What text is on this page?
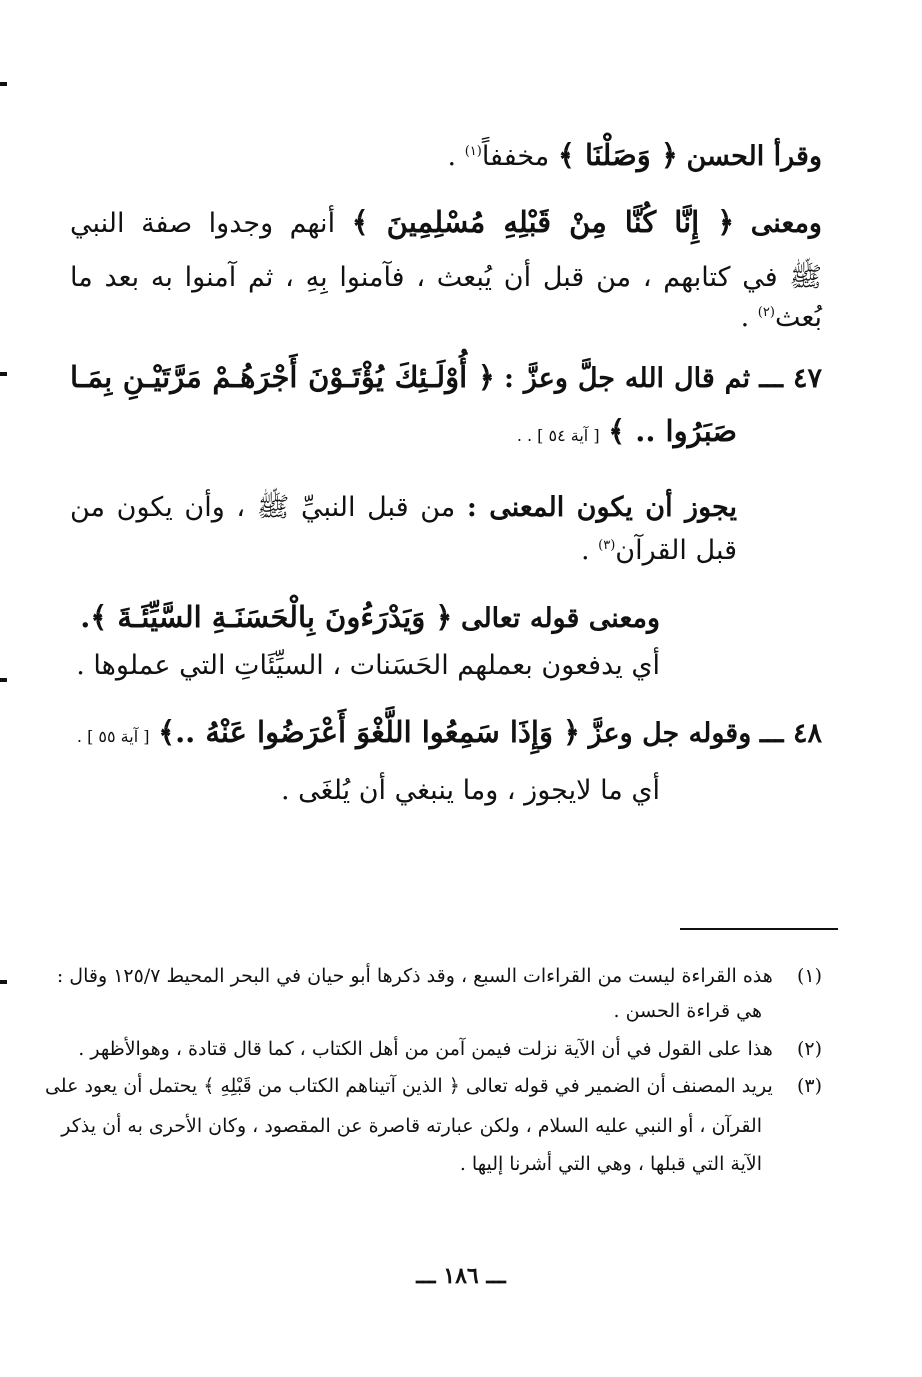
وقرأ الحسن ﴿ وَصَلْنَا ﴾ مخففاً$^{(١)}$ .
ومعنى ﴿ إِنَّا كُنَّا مِنْ قَبْلِهِ مُسْلِمِينَ ﴾ أنهم وجدوا صفة النبي
ﷺ في كتابهم ، من قبل أن يُبعث ، فآمنوا بِهِ ، ثم آمنوا به بعد ما
بُعث$^{(٢)}$ .
٤٧ ـــ ثم قال الله جلَّ وعزَّ : ﴿ أُوْلَـئِكَ يُؤْتَـوْنَ أَجْرَهُـمْ مَرَّتَيْـنِ بِمَـا
صَبَرُوا .. ﴾ [ آية ٥٤ ] . .
يجوز أن يكون المعنى : من قبل النبيِّ ﷺ ، وأن يكون من
قبل القرآن$^{(٣)}$ .
ومعنى قوله تعالى ﴿ وَيَدْرَءُونَ بِالْحَسَنَـةِ السَّيِّئَـةَ ﴾.
أي يدفعون بعملهم الحَسَنات ، السيِّئَاتِ التي عملوها .
٤٨ ـــ وقوله جل وعزَّ ﴿ وَإِذَا سَمِعُوا اللَّغْوَ أَعْرَضُوا عَنْهُ ..﴾ [ آية ٥٥ ] .
أي ما لايجوز ، وما ينبغي أن يُلغَى .
(١)    هذه القراءة ليست من القراءات السبع ، وقد ذكرها أبو حيان في البحر المحيط ١٢٥/٧ وقال :
هي قراءة الحسن .
(٢)    هذا على القول في أن الآية نزلت فيمن آمن من أهل الكتاب ، كما قال قتادة ، وهوالأظهر .
(٣)    يريد المصنف أن الضمير في قوله تعالى ﴿ الذين آتيناهم الكتاب من قَبْلِهِ ﴾ يحتمل أن يعود على
القرآن ، أو النبي عليه السلام ، ولكن عبارته قاصرة عن المقصود ، وكان الأحرى به أن يذكر
الآية التي قبلها ، وهي التي أشرنا إليها .
ـــ ١٨٦ ـــ
